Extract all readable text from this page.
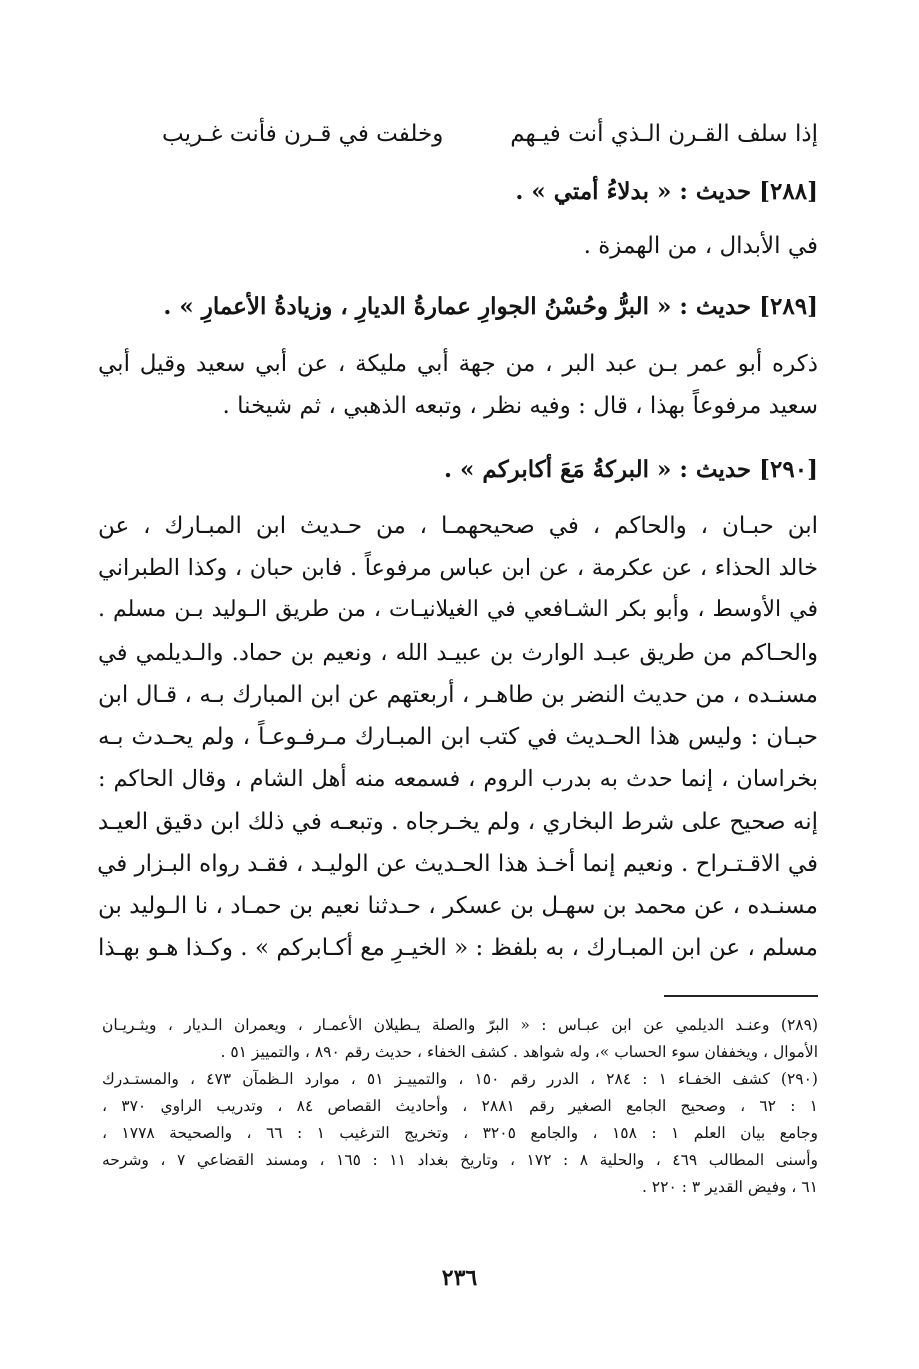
إذا سلف القـرن الـذي أنت فيـهم
وخلفت في قـرن فأنت غـريب
[٢٨٨] حديث : « بدلاءُ أمتي » .
في الأبدال ، من الهمزة .
[٢٨٩] حديث : « البرُّ وحُسْنُ الجوارِ عمارةُ الديارِ ، وزيادةُ الأعمارِ » .
ذكره أبو عمر بـن عبد البر ، من جهة أبي مليكة ، عن أبي سعيد وقيل أبي
سعيد مرفوعاً بهذا ، قال : وفيه نظر ، وتبعه الذهبي ، ثم شيخنا .
[٢٩٠] حديث : « البركةُ مَعَ أكابركم » .
ابن حبـان ، والحاكم ، في صحيحهمـا ، من حـديث ابن المبـارك ، عن
خالد الحذاء ، عن عكرمة ، عن ابن عباس مرفوعاً . فابن حبان ، وكذا الطبراني
في الأوسط ، وأبو بكر الشـافعي في الغيلانيـات ، من طريق الـوليد بـن مسلم .
والحـاكم من طريق عبـد الوارث بن عبيـد الله ، ونعيم بن حماد. والـديلمي في
مسنـده ، من حديث النضر بن طاهـر ، أربعتهم عن ابن المبارك بـه ، قـال ابن
حبـان : وليس هذا الحـديث في كتب ابن المبـارك مـرفـوعـاً ، ولم يحـدث بـه
بخراسان ، إنما حدث به بدرب الروم ، فسمعه منه أهل الشام ، وقال الحاكم :
إنه صحيح على شرط البخاري ، ولم يخـرجاه . وتبعـه في ذلك ابن دقيق العيـد
في الاقـتـراح . ونعيم إنما أخـذ هذا الحـديث عن الوليـد ، فقـد رواه البـزار في
مسنـده ، عن محمد بن سهـل بن عسكر ، حـدثنا نعيم بن حمـاد ، نا الـوليد بن
مسلم ، عن ابن المبـارك ، به بلفظ : « الخيـرِ مع أكـابركم » . وكـذا هـو بهـذا
(٢٨٩) وعنـد الديلمي عن ابن عبـاس : « البرّ والصلة يـطيلان الأعمـار ، ويعمران الـديار ، ويثـريـان
الأموال ، ويخففان سوء الحساب »، وله شواهد . كشف الخفاء ، حديث رقم ٨٩٠ ، والتمييز ٥١ .
(٢٩٠) كشف الخفـاء ١ : ٢٨٤ ، الدرر رقم ١٥٠ ، والتمييـز ٥١ ، موارد الـظمآن ٤٧٣ ، والمستـدرك
١ : ٦٢ ، وصحيح الجامع الصغير رقم ٢٨٨١ ، وأحاديث القصاص ٨٤ ، وتدريب الراوي ٣٧٠ ،
وجامع بيان العلم ١ : ١٥٨ ، والجامع ٣٢٠٥ ، وتخريج الترغيب ١ : ٦٦ ، والصحيحة ١٧٧٨ ،
وأسنى المطالب ٤٦٩ ، والحلية ٨ : ١٧٢ ، وتاريخ بغداد ١١ : ١٦٥ ، ومسند القضاعي ٧ ، وشرحه
٦١ ، وفيض القدير ٣ : ٢٢٠ .
٢٣٦
